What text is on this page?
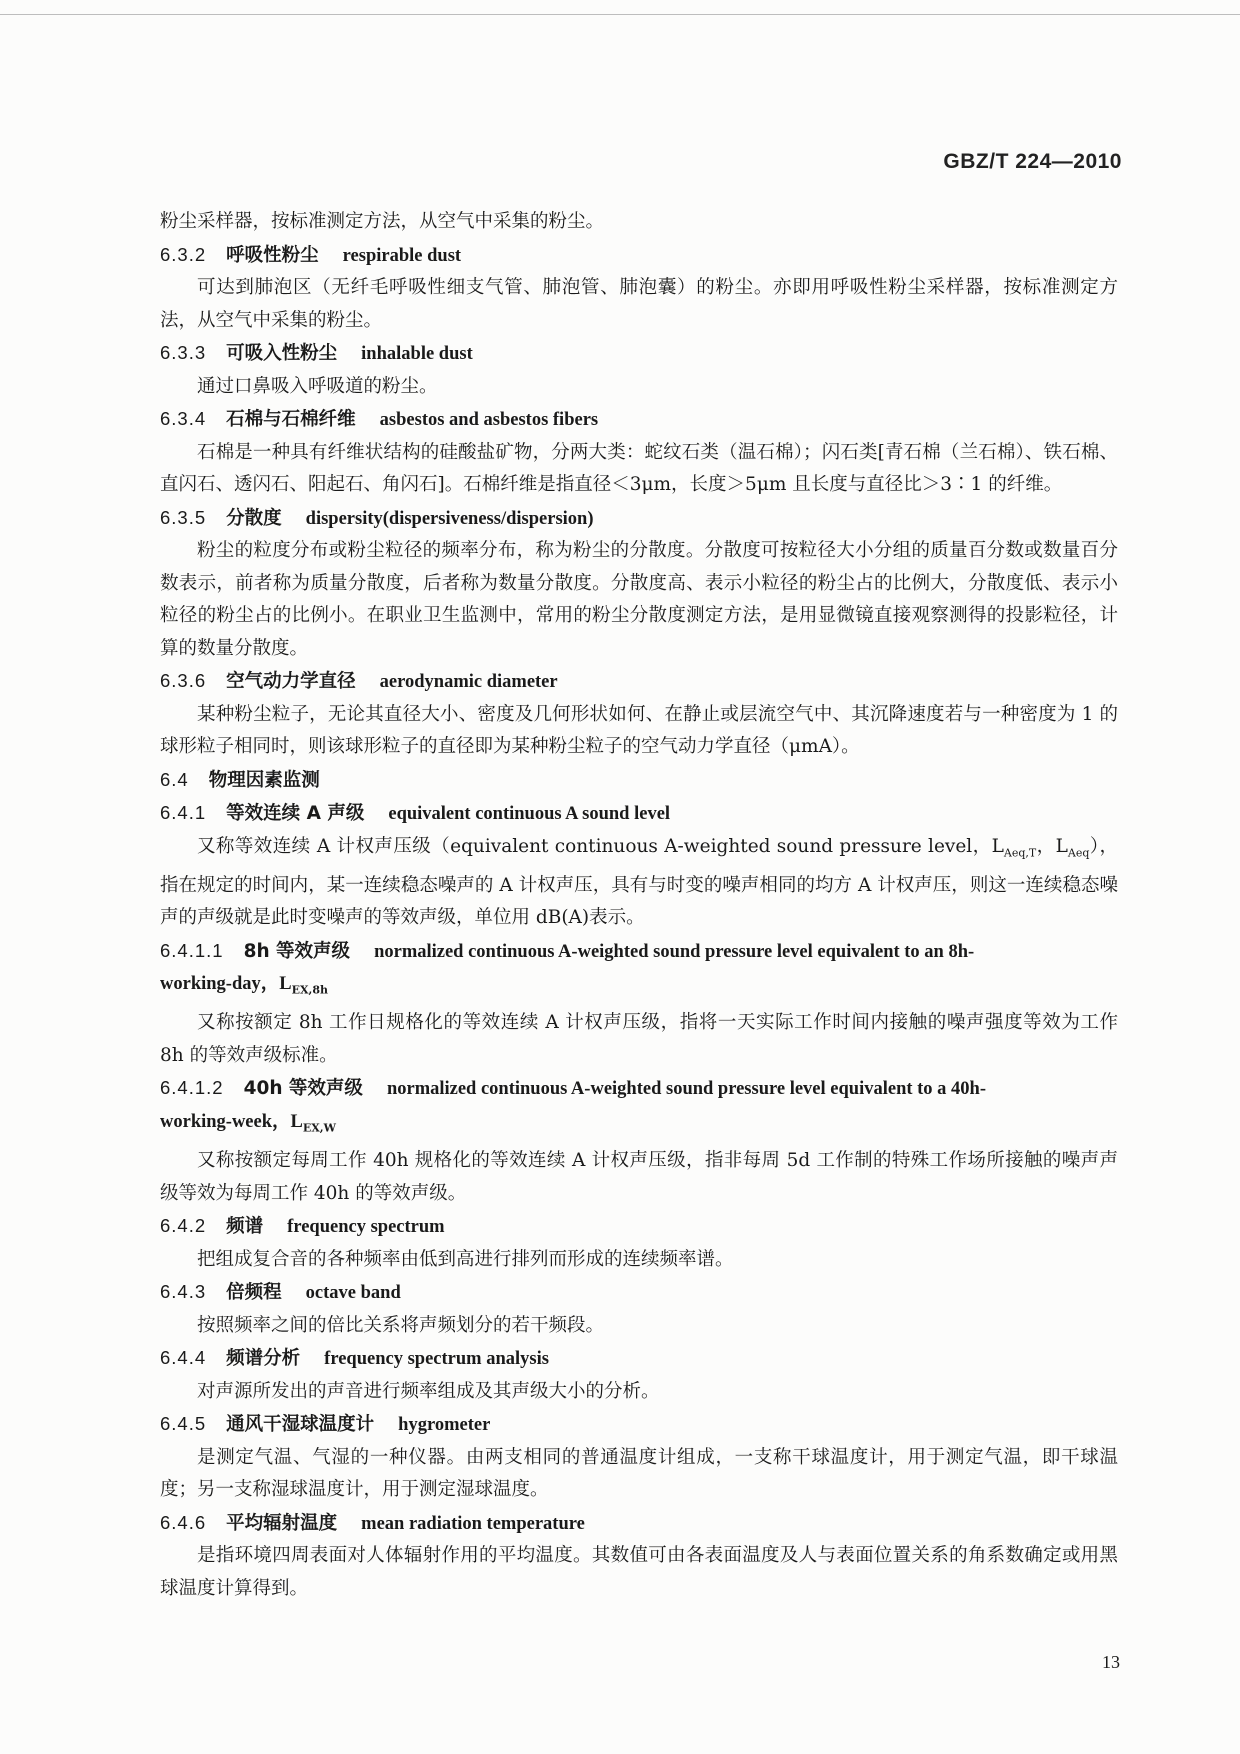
GBZ/T 224—2010

粉尘采样器，按标准测定方法，从空气中采集的粉尘。

6.3.2 呼吸性粉尘 respirable dust

可达到肺泡区（无纤毛呼吸性细支气管、肺泡管、肺泡囊）的粉尘。亦即用呼吸性粉尘采样器，按标准测定方法，从空气中采集的粉尘。

6.3.3 可吸入性粉尘 inhalable dust

通过口鼻吸入呼吸道的粉尘。

6.3.4 石棉与石棉纤维 asbestos and asbestos fibers

石棉是一种具有纤维状结构的硅酸盐矿物，分两大类：蛇纹石类（温石棉）；闪石类[青石棉（兰石棉）、铁石棉、直闪石、透闪石、阳起石、角闪石]。石棉纤维是指直径＜3μm，长度＞5μm 且长度与直径比＞3∶1 的纤维。

6.3.5 分散度 dispersity(dispersiveness/dispersion)

粉尘的粒度分布或粉尘粒径的频率分布，称为粉尘的分散度。分散度可按粒径大小分组的质量百分数或数量百分数表示，前者称为质量分散度，后者称为数量分散度。分散度高、表示小粒径的粉尘占的比例大，分散度低、表示小粒径的粉尘占的比例小。在职业卫生监测中，常用的粉尘分散度测定方法，是用显微镜直接观察测得的投影粒径，计算的数量分散度。

6.3.6 空气动力学直径 aerodynamic diameter

某种粉尘粒子，无论其直径大小、密度及几何形状如何、在静止或层流空气中、其沉降速度若与一种密度为 1 的球形粒子相同时，则该球形粒子的直径即为某种粉尘粒子的空气动力学直径（μmA）。

6.4 物理因素监测

6.4.1 等效连续 A 声级 equivalent continuous A sound level

又称等效连续 A 计权声压级（equivalent continuous A-weighted sound pressure level，$L_{Aeq,T}$，$L_{Aeq}$），指在规定的时间内，某一连续稳态噪声的 A 计权声压，具有与时变的噪声相同的均方 A 计权声压，则这一连续稳态噪声的声级就是此时变噪声的等效声级，单位用 dB(A)表示。

6.4.1.1 8h 等效声级 normalized continuous A-weighted sound pressure level equivalent to an 8h-

working-day，$L_{EX,8h}$

又称按额定 8h 工作日规格化的等效连续 A 计权声压级，指将一天实际工作时间内接触的噪声强度等效为工作 8h 的等效声级标准。

6.4.1.2 40h 等效声级 normalized continuous A-weighted sound pressure level equivalent to a 40h-

working-week，$L_{EX,W}$

又称按额定每周工作 40h 规格化的等效连续 A 计权声压级，指非每周 5d 工作制的特殊工作场所接触的噪声声级等效为每周工作 40h 的等效声级。

6.4.2 频谱 frequency spectrum

把组成复合音的各种频率由低到高进行排列而形成的连续频率谱。

6.4.3 倍频程 octave band

按照频率之间的倍比关系将声频划分的若干频段。

6.4.4 频谱分析 frequency spectrum analysis

对声源所发出的声音进行频率组成及其声级大小的分析。

6.4.5 通风干湿球温度计 hygrometer

是测定气温、气湿的一种仪器。由两支相同的普通温度计组成，一支称干球温度计，用于测定气温，即干球温度；另一支称湿球温度计，用于测定湿球温度。

6.4.6 平均辐射温度 mean radiation temperature

是指环境四周表面对人体辐射作用的平均温度。其数值可由各表面温度及人与表面位置关系的角系数确定或用黑球温度计算得到。

13
